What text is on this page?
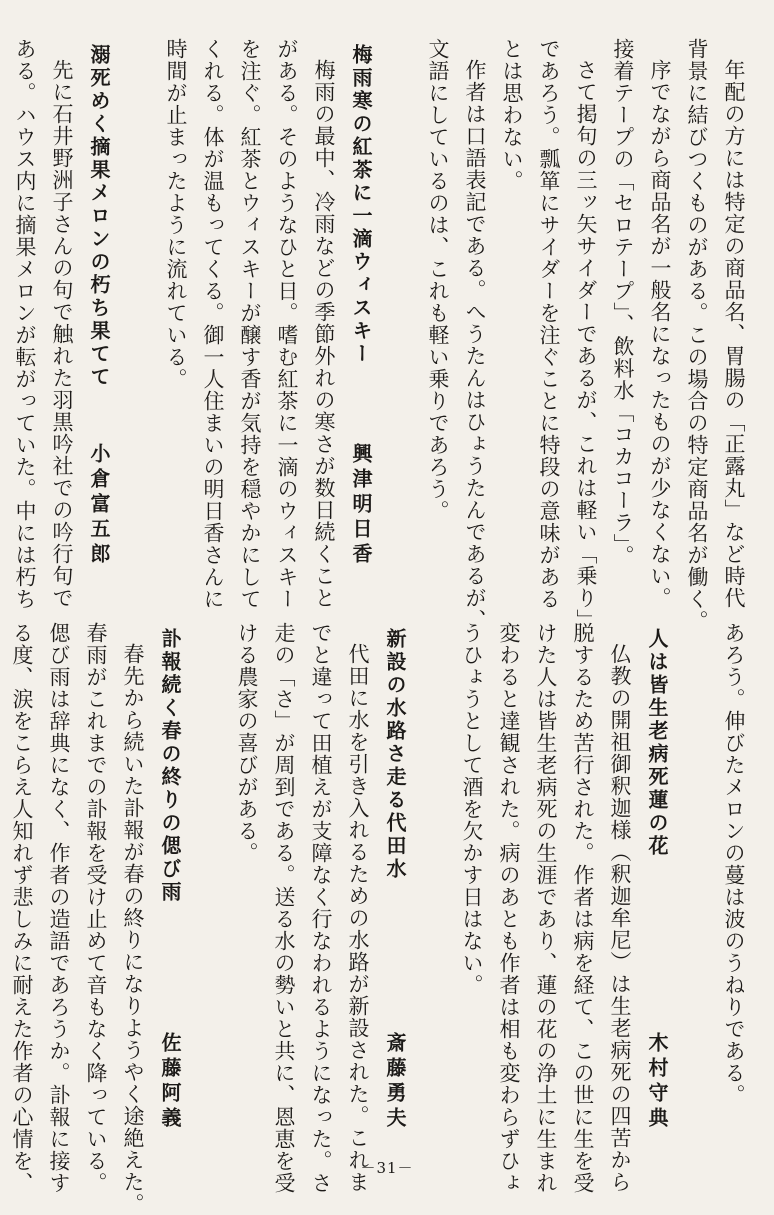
年配の方には特定の商品名、胃腸の「正露丸」など時代

背景に結びつくものがある。この場合の特定商品名が働く。

序でながら商品名が一般名になったものが少なくない。

接着テープの「セロテープ」、飲料水「コカコーラ」。

さて掲句の三ッ矢サイダーであるが、これは軽い「乗り」

であろう。瓢箪にサイダーを注ぐことに特段の意味がある

とは思わない。

作者は口語表記である。へうたんはひょうたんであるが、

文語にしているのは、これも軽い乗りであろう。

梅雨寒の紅茶に一滴ウィスキー
興津明日香

梅雨の最中、冷雨などの季節外れの寒さが数日続くこと

がある。そのようなひと日。嗜む紅茶に一滴のウィスキー

を注ぐ。紅茶とウィスキーが醸す香が気持を穏やかにして

くれる。体が温もってくる。御一人住まいの明日香さんに

時間が止まったように流れている。

溺死めく摘果メロンの朽ち果てて
小倉富五郎

先に石井野洲子さんの句で触れた羽黒吟社での吟行句で

ある。ハウス内に摘果メロンが転がっていた。中には朽ち

あろう。伸びたメロンの蔓は波のうねりである。

人は皆生老病死蓮の花
木村守典

仏教の開祖御釈迦様（釈迦牟尼）は生老病死の四苦から

脱するため苦行された。作者は病を経て、この世に生を受

けた人は皆生老病死の生涯であり、蓮の花の浄土に生まれ

変わると達観された。病のあとも作者は相も変わらずひょ

うひょうとして酒を欠かす日はない。

新設の水路さ走る代田水
斎藤勇夫

代田に水を引き入れるための水路が新設された。これま

でと違って田植えが支障なく行なわれるようになった。さ

走の「さ」が周到である。送る水の勢いと共に、恩恵を受

ける農家の喜びがある。

訃報続く春の終りの偲び雨
佐藤阿義

春先から続いた訃報が春の終りになりようやく途絶えた。

春雨がこれまでの訃報を受け止めて音もなく降っている。

偲び雨は辞典になく、作者の造語であろうか。訃報に接す

る度、涙をこらえ人知れず悲しみに耐えた作者の心情を、	－31－
